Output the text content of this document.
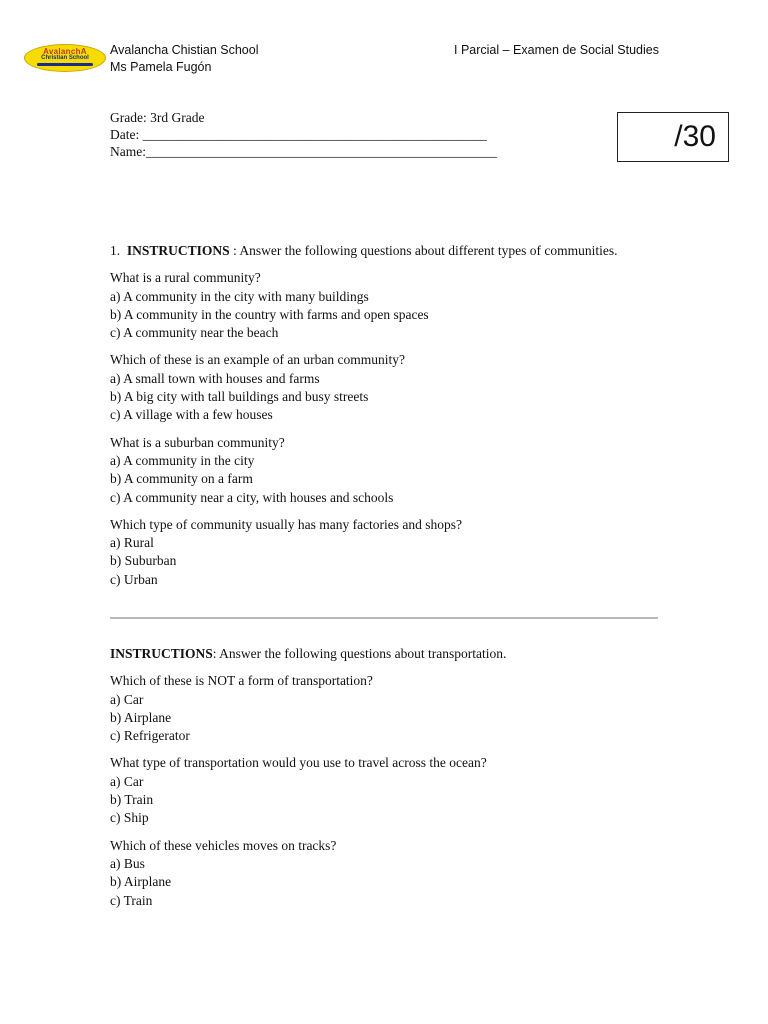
AvalanchA
Christian School
Avalancha Chistian School
Ms Pamela Fugón
I Parcial – Examen de Social Studies
Grade: 3rd Grade
Date: ___________________________________________________
Name:____________________________________________________	/30

1. INSTRUCTIONS : Answer the following questions about different types of communities.

What is a rural community?

a) A community in the city with many buildings

b) A community in the country with farms and open spaces

c) A community near the beach

Which of these is an example of an urban community?

a) A small town with houses and farms

b) A big city with tall buildings and busy streets

c) A village with a few houses

What is a suburban community?

a) A community in the city

b) A community on a farm

c) A community near a city, with houses and schools

Which type of community usually has many factories and shops?

a) Rural

b) Suburban

c) Urban

INSTRUCTIONS: Answer the following questions about transportation.

Which of these is NOT a form of transportation?

a) Car

b) Airplane

c) Refrigerator

What type of transportation would you use to travel across the ocean?

a) Car

b) Train

c) Ship

Which of these vehicles moves on tracks?

a) Bus

b) Airplane

c) Train
